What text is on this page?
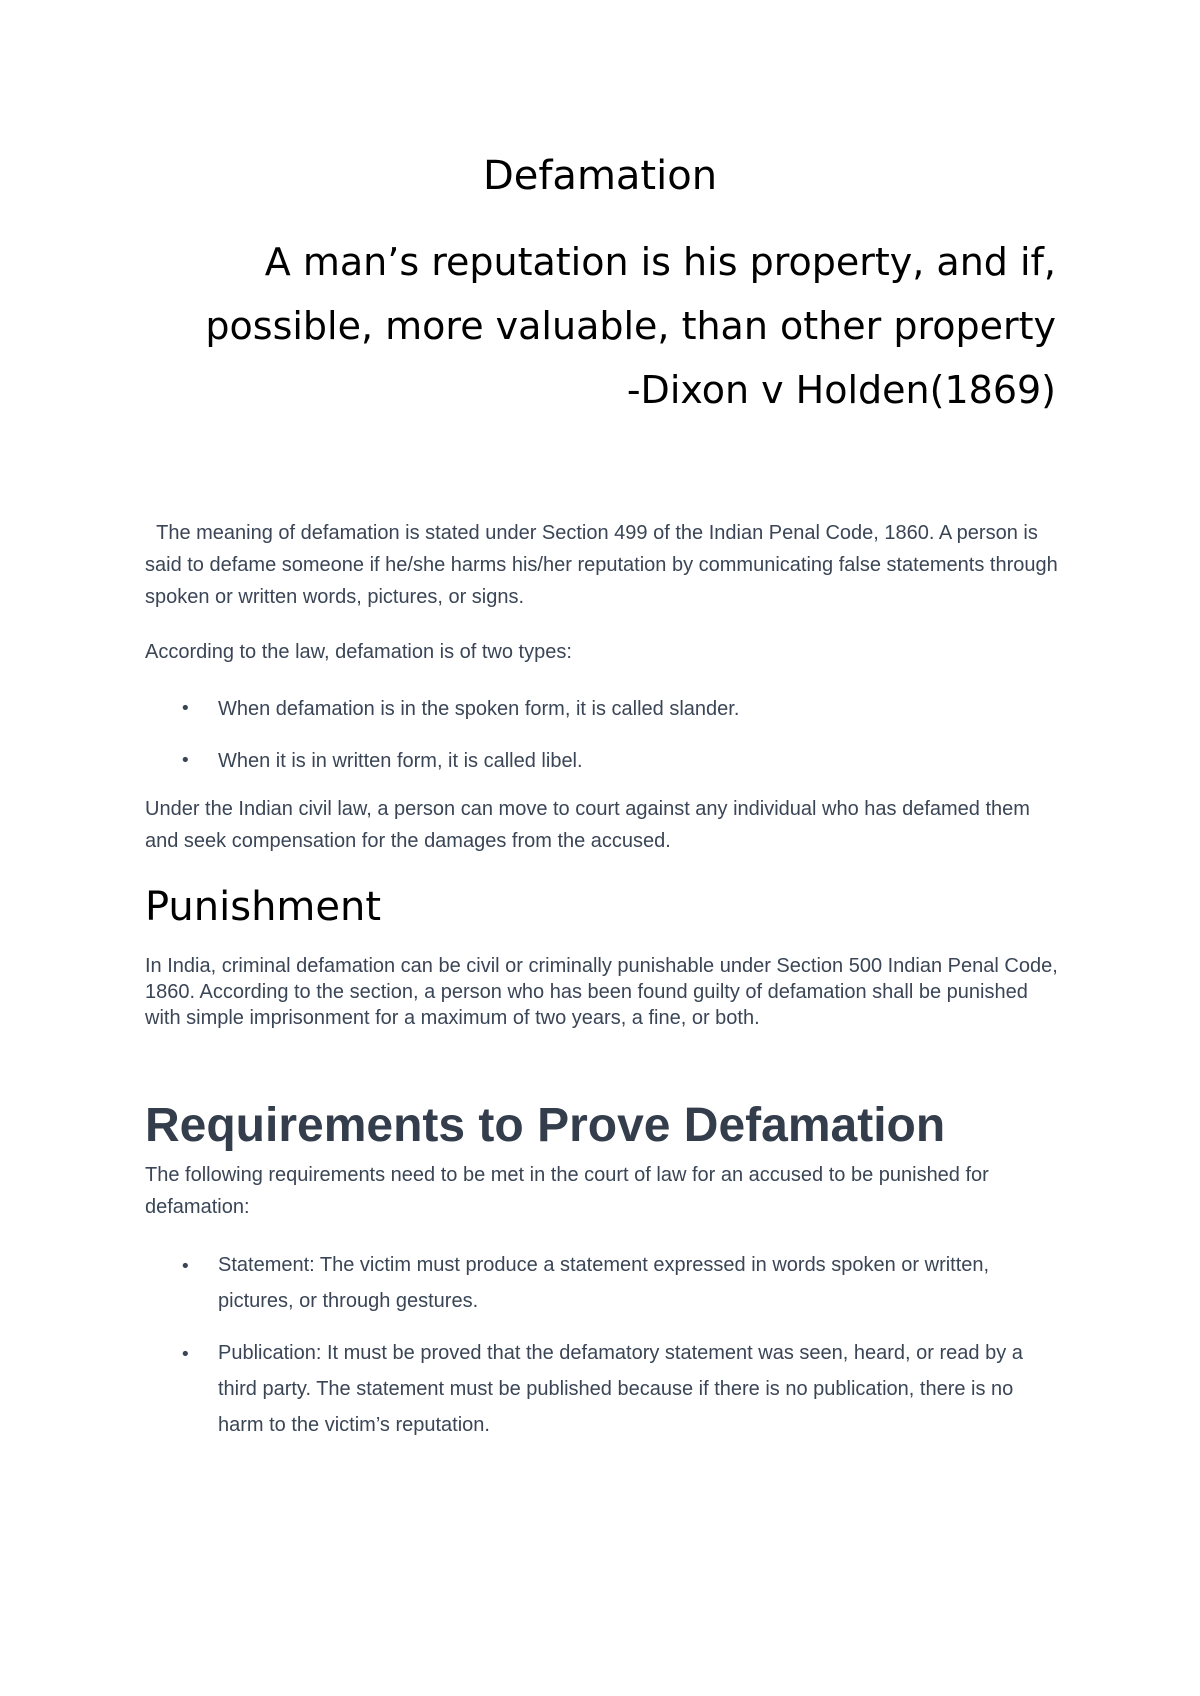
Defamation
A man’s reputation is his property, and if,
possible, more valuable, than other property
-Dixon v Holden(1869)

The meaning of defamation is stated under Section 499 of the Indian Penal Code, 1860. A person is said to defame someone if he/she harms his/her reputation by communicating false statements through spoken or written words, pictures, or signs.

According to the law, defamation is of two types:

• When defamation is in the spoken form, it is called slander.
• When it is in written form, it is called libel.

Under the Indian civil law, a person can move to court against any individual who has defamed them and seek compensation for the damages from the accused.

Punishment

In India, criminal defamation can be civil or criminally punishable under Section 500 Indian Penal Code, 1860. According to the section, a person who has been found guilty of defamation shall be punished with simple imprisonment for a maximum of two years, a fine, or both.

Requirements to Prove Defamation

The following requirements need to be met in the court of law for an accused to be punished for defamation:

• Statement: The victim must produce a statement expressed in words spoken or written, pictures, or through gestures.
• Publication: It must be proved that the defamatory statement was seen, heard, or read by a third party. The statement must be published because if there is no publication, there is no harm to the victim’s reputation.
